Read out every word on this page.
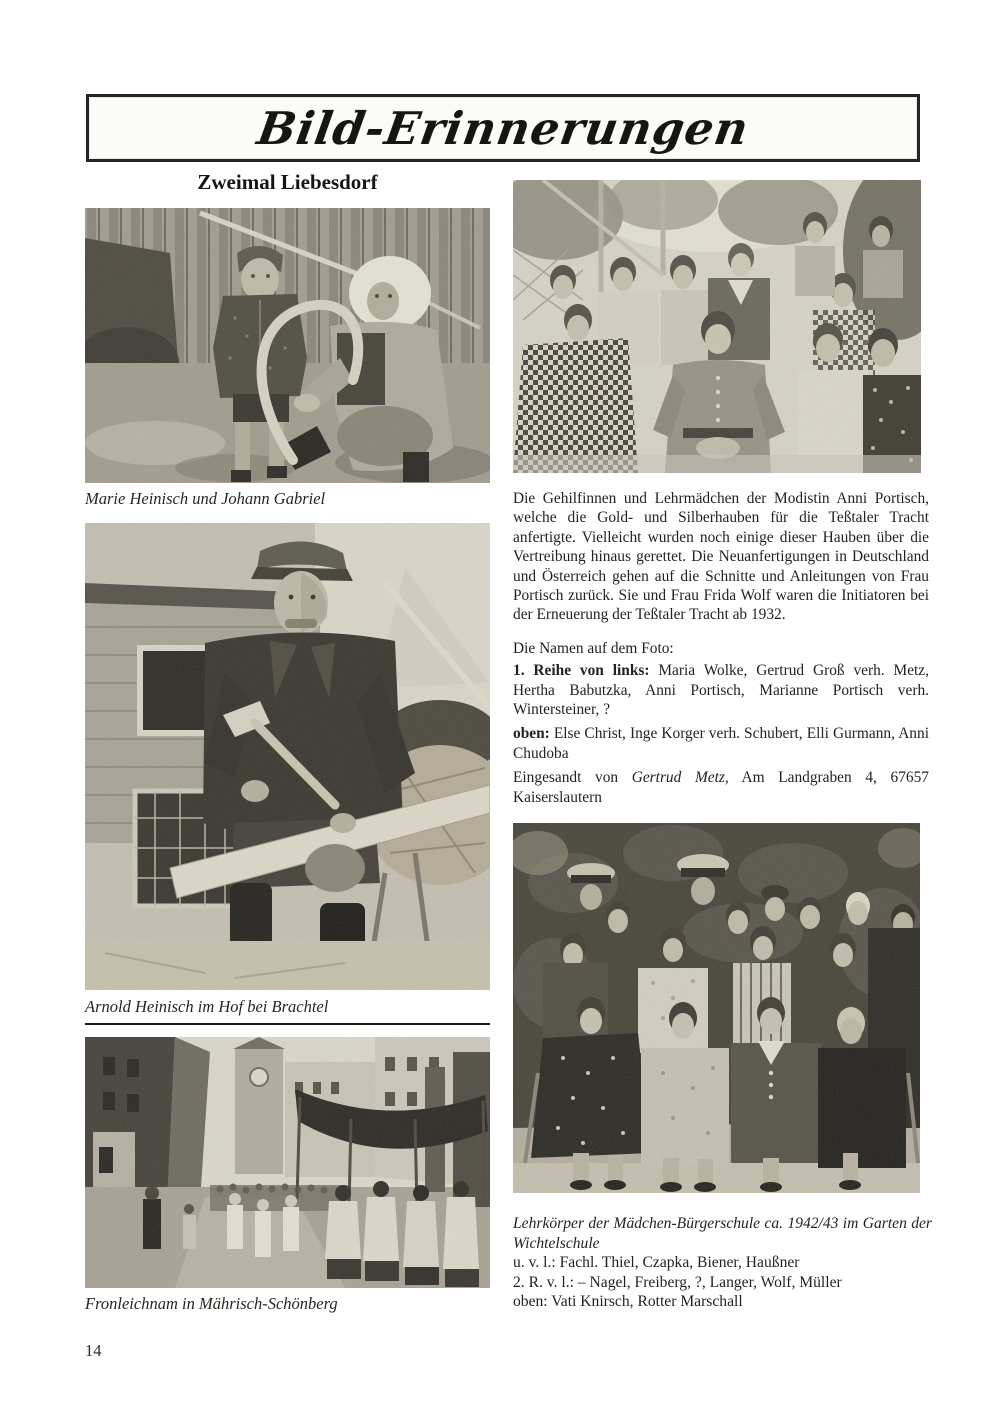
Bild-Erinnerungen
Zweimal Liebesdorf
Marie Heinisch und Johann Gabriel
Arnold Heinisch im Hof bei Brachtel
Fronleichnam in Mährisch-Schönberg
14

Die Gehilfinnen und Lehrmädchen der Modistin Anni Portisch, welche die Gold- und Silberhauben für die Teßtaler Tracht anfertigte. Vielleicht wurden noch einige dieser Hauben über die Vertreibung hinaus gerettet. Die Neuanfertigungen in Deutschland und Österreich gehen auf die Schnitte und Anleitungen von Frau Portisch zurück. Sie und Frau Frida Wolf waren die Initiatoren bei der Erneuerung der Teßtaler Tracht ab 1932.

Die Namen auf dem Foto:

1. Reihe von links: Maria Wolke, Gertrud Groß verh. Metz, Hertha Babutzka, Anni Portisch, Marianne Portisch verh. Wintersteiner, ?

oben: Else Christ, Inge Korger verh. Schubert, Elli Gurmann, Anni Chudoba

Eingesandt von Gertrud Metz, Am Landgraben 4, 67657 Kaiserslautern

Lehrkörper der Mädchen-Bürgerschule ca. 1942/43 im Garten der Wichtelschule

u. v. l.: Fachl. Thiel, Czapka, Biener, Haußner

2. R. v. l.: – Nagel, Freiberg, ?, Langer, Wolf, Müller

oben: Vati Knirsch, Rotter Marschall
